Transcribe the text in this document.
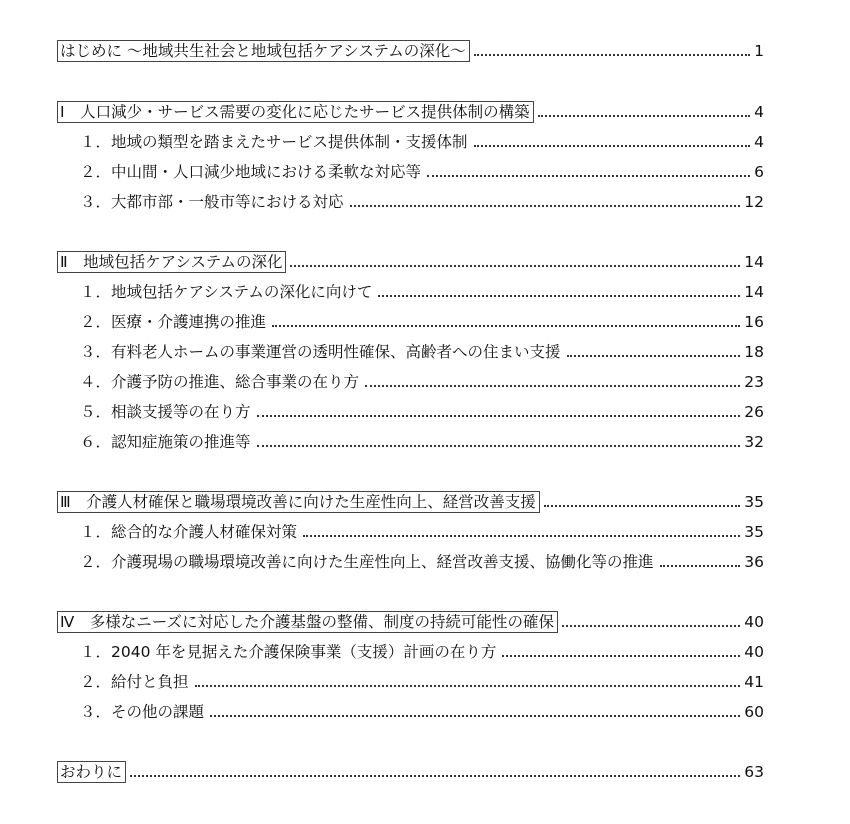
はじめに ～地域共生社会と地域包括ケアシステムの深化～	1
Ⅰ　人口減少・サービス需要の変化に応じたサービス提供体制の構築	4
１．地域の類型を踏まえたサービス提供体制・支援体制	4
２．中山間・人口減少地域における柔軟な対応等	6
３．大都市部・一般市等における対応	12
Ⅱ　地域包括ケアシステムの深化	14
１．地域包括ケアシステムの深化に向けて	14
２．医療・介護連携の推進	16
３．有料老人ホームの事業運営の透明性確保、高齢者への住まい支援	18
４．介護予防の推進、総合事業の在り方	23
５．相談支援等の在り方	26
６．認知症施策の推進等	32
Ⅲ　介護人材確保と職場環境改善に向けた生産性向上、経営改善支援	35
１．総合的な介護人材確保対策	35
２．介護現場の職場環境改善に向けた生産性向上、経営改善支援、協働化等の推進	36
Ⅳ　多様なニーズに対応した介護基盤の整備、制度の持続可能性の確保	40
１．2040 年を見据えた介護保険事業（支援）計画の在り方	40
２．給付と負担	41
３．その他の課題	60
おわりに	63
